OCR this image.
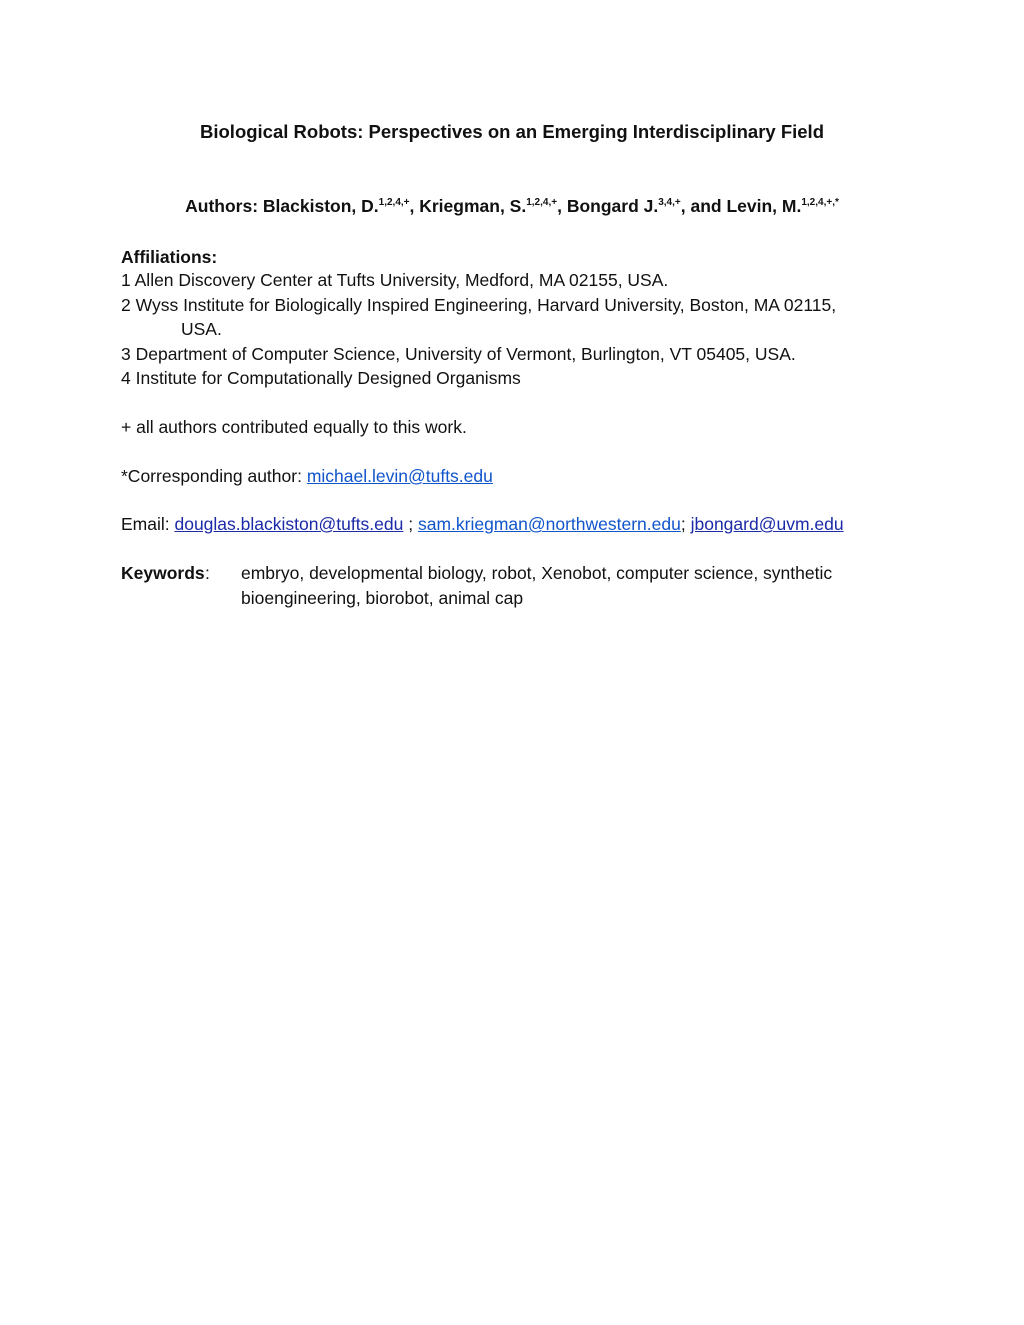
Biological Robots: Perspectives on an Emerging Interdisciplinary Field
Authors: Blackiston, D.$^{1,2,4,+}$, Kriegman, S.$^{1,2,4,+}$, Bongard J.$^{3,4,+}$, and Levin, M.$^{1,2,4,+,*}$
Affiliations:
1 Allen Discovery Center at Tufts University, Medford, MA 02155, USA.
2 Wyss Institute for Biologically Inspired Engineering, Harvard University, Boston, MA 02115,
USA.
3 Department of Computer Science, University of Vermont, Burlington, VT 05405, USA.
4 Institute for Computationally Designed Organisms
+ all authors contributed equally to this work.
*Corresponding author: michael.levin@tufts.edu
Email: douglas.blackiston@tufts.edu ; sam.kriegman@northwestern.edu; jbongard@uvm.edu
Keywords : embryo, developmental biology, robot, Xenobot, computer science, synthetic bioengineering, biorobot, animal cap
